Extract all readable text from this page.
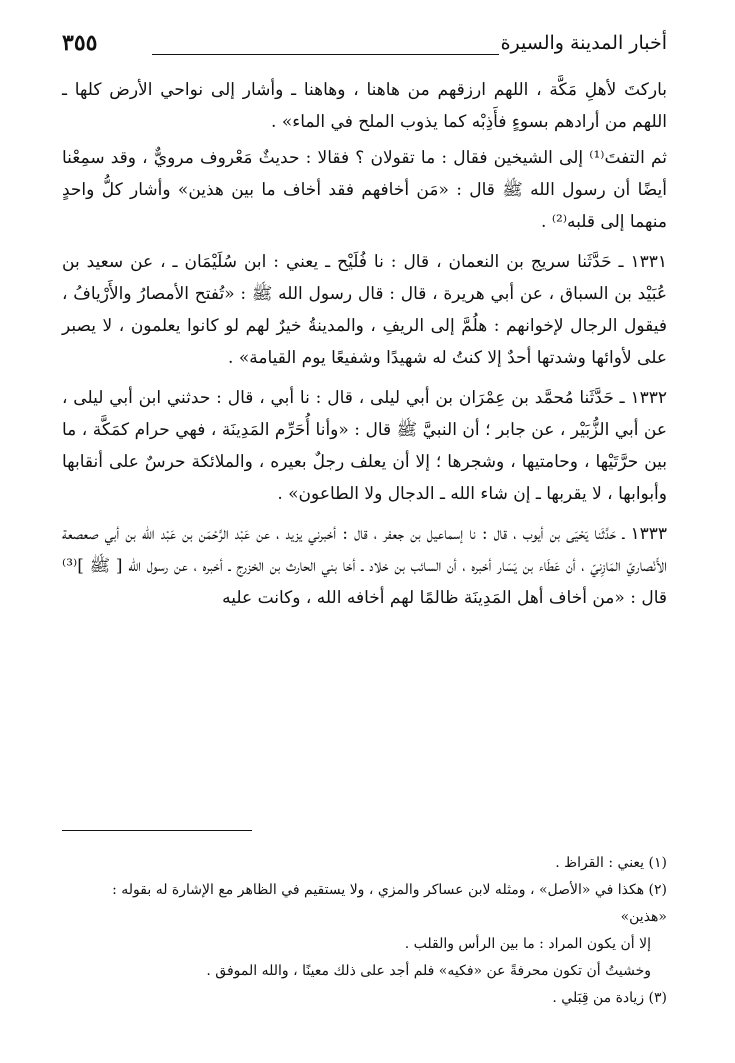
أخبار المدينة والسيرة
٣٥٥

باركتَ لأهلِ مَكَّة ، اللهم ارزقهم من هاهنا ، وهاهنا ـ وأشار إلى نواحي الأرض كلها ـ اللهم من أرادهم بسوءٍ فأَذِبْه كما يذوب الملح في الماء» .

ثم التفتَ⁽¹⁾ إلى الشيخين فقال : ما تقولان ؟ فقالا : حديثٌ مَعْروف مرويٌّ ، وقد سمِعْنا أيضًا أن رسول الله ﷺ قال : «مَن أخافهم فقد أخاف ما بين هذين» وأشار كلُّ واحدٍ منهما إلى قلبه⁽²⁾ .

١٣٣١ ـ حَدَّثَنا سريج بن النعمان ، قال : نا فُلَيْح ـ يعني : ابن سُلَيْمَان ـ ، عن سعيد بن عُبَيْد بن السباق ، عن أبي هريرة ، قال : قال رسول الله ﷺ : «تُفتح الأمصارُ والأَرْيافُ ، فيقول الرجال لإخوانهم : هلُمَّ إلى الريفِ ، والمدينةُ خيرٌ لهم لو كانوا يعلمون ، لا يصبر على لأوائها وشدتها أحدٌ إلا كنتُ له شهيدًا وشفيعًا يوم القيامة» .

١٣٣٢ ـ حَدَّثَنا مُحمَّد بن عِمْرَان بن أبي ليلى ، قال : نا أبي ، قال : حدثني ابن أبي ليلى ، عن أبي الزُّبَيْر ، عن جابر ؛ أن النبيَّ ﷺ قال : «وأنا أُحَرِّم المَدِينَة ، فهي حرام كمَكَّة ، ما بين حرَّتَيْها ، وحامتيها ، وشجرها ؛ إلا أن يعلف رجلٌ بعيره ، والملائكة حرسٌ على أنقابها وأبوابها ، لا يقربها ـ إن شاء الله ـ الدجال ولا الطاعون» .

١٣٣٣ ـ حَدَّثَنا يَحْيَى بن أيوب ، قال : نا إسماعيل بن جعفر ، قال : أخبرني يزيد ، عن عَبْد الرَّحْمَن بن عَبْد الله بن أبي صعصعة الأَنْصاريّ المَازِنيّ ، أن عَطَاء بن يَسَار أخبره ، أن السائب بن خلاد ـ أخا بني الحارث بن الخزرج ـ أخبره ، عن رسول الله [ ﷺ ]⁽³⁾ قال : «من أخاف أهل المَدِينَة ظالمًا لهم أخافه الله ، وكانت عليه

(١) يعني : القراظ .

(٢) هكذا في «الأصل» ، ومثله لابن عساكر والمزي ، ولا يستقيم في الظاهر مع الإشارة له بقوله : «هذين»

إلا أن يكون المراد : ما بين الرأس والقلب .

وخشيتُ أن تكون محرفةً عن «فكيه» فلم أجد على ذلك معينًا ، والله الموفق .

(٣) زيادة من قِبَلي .
